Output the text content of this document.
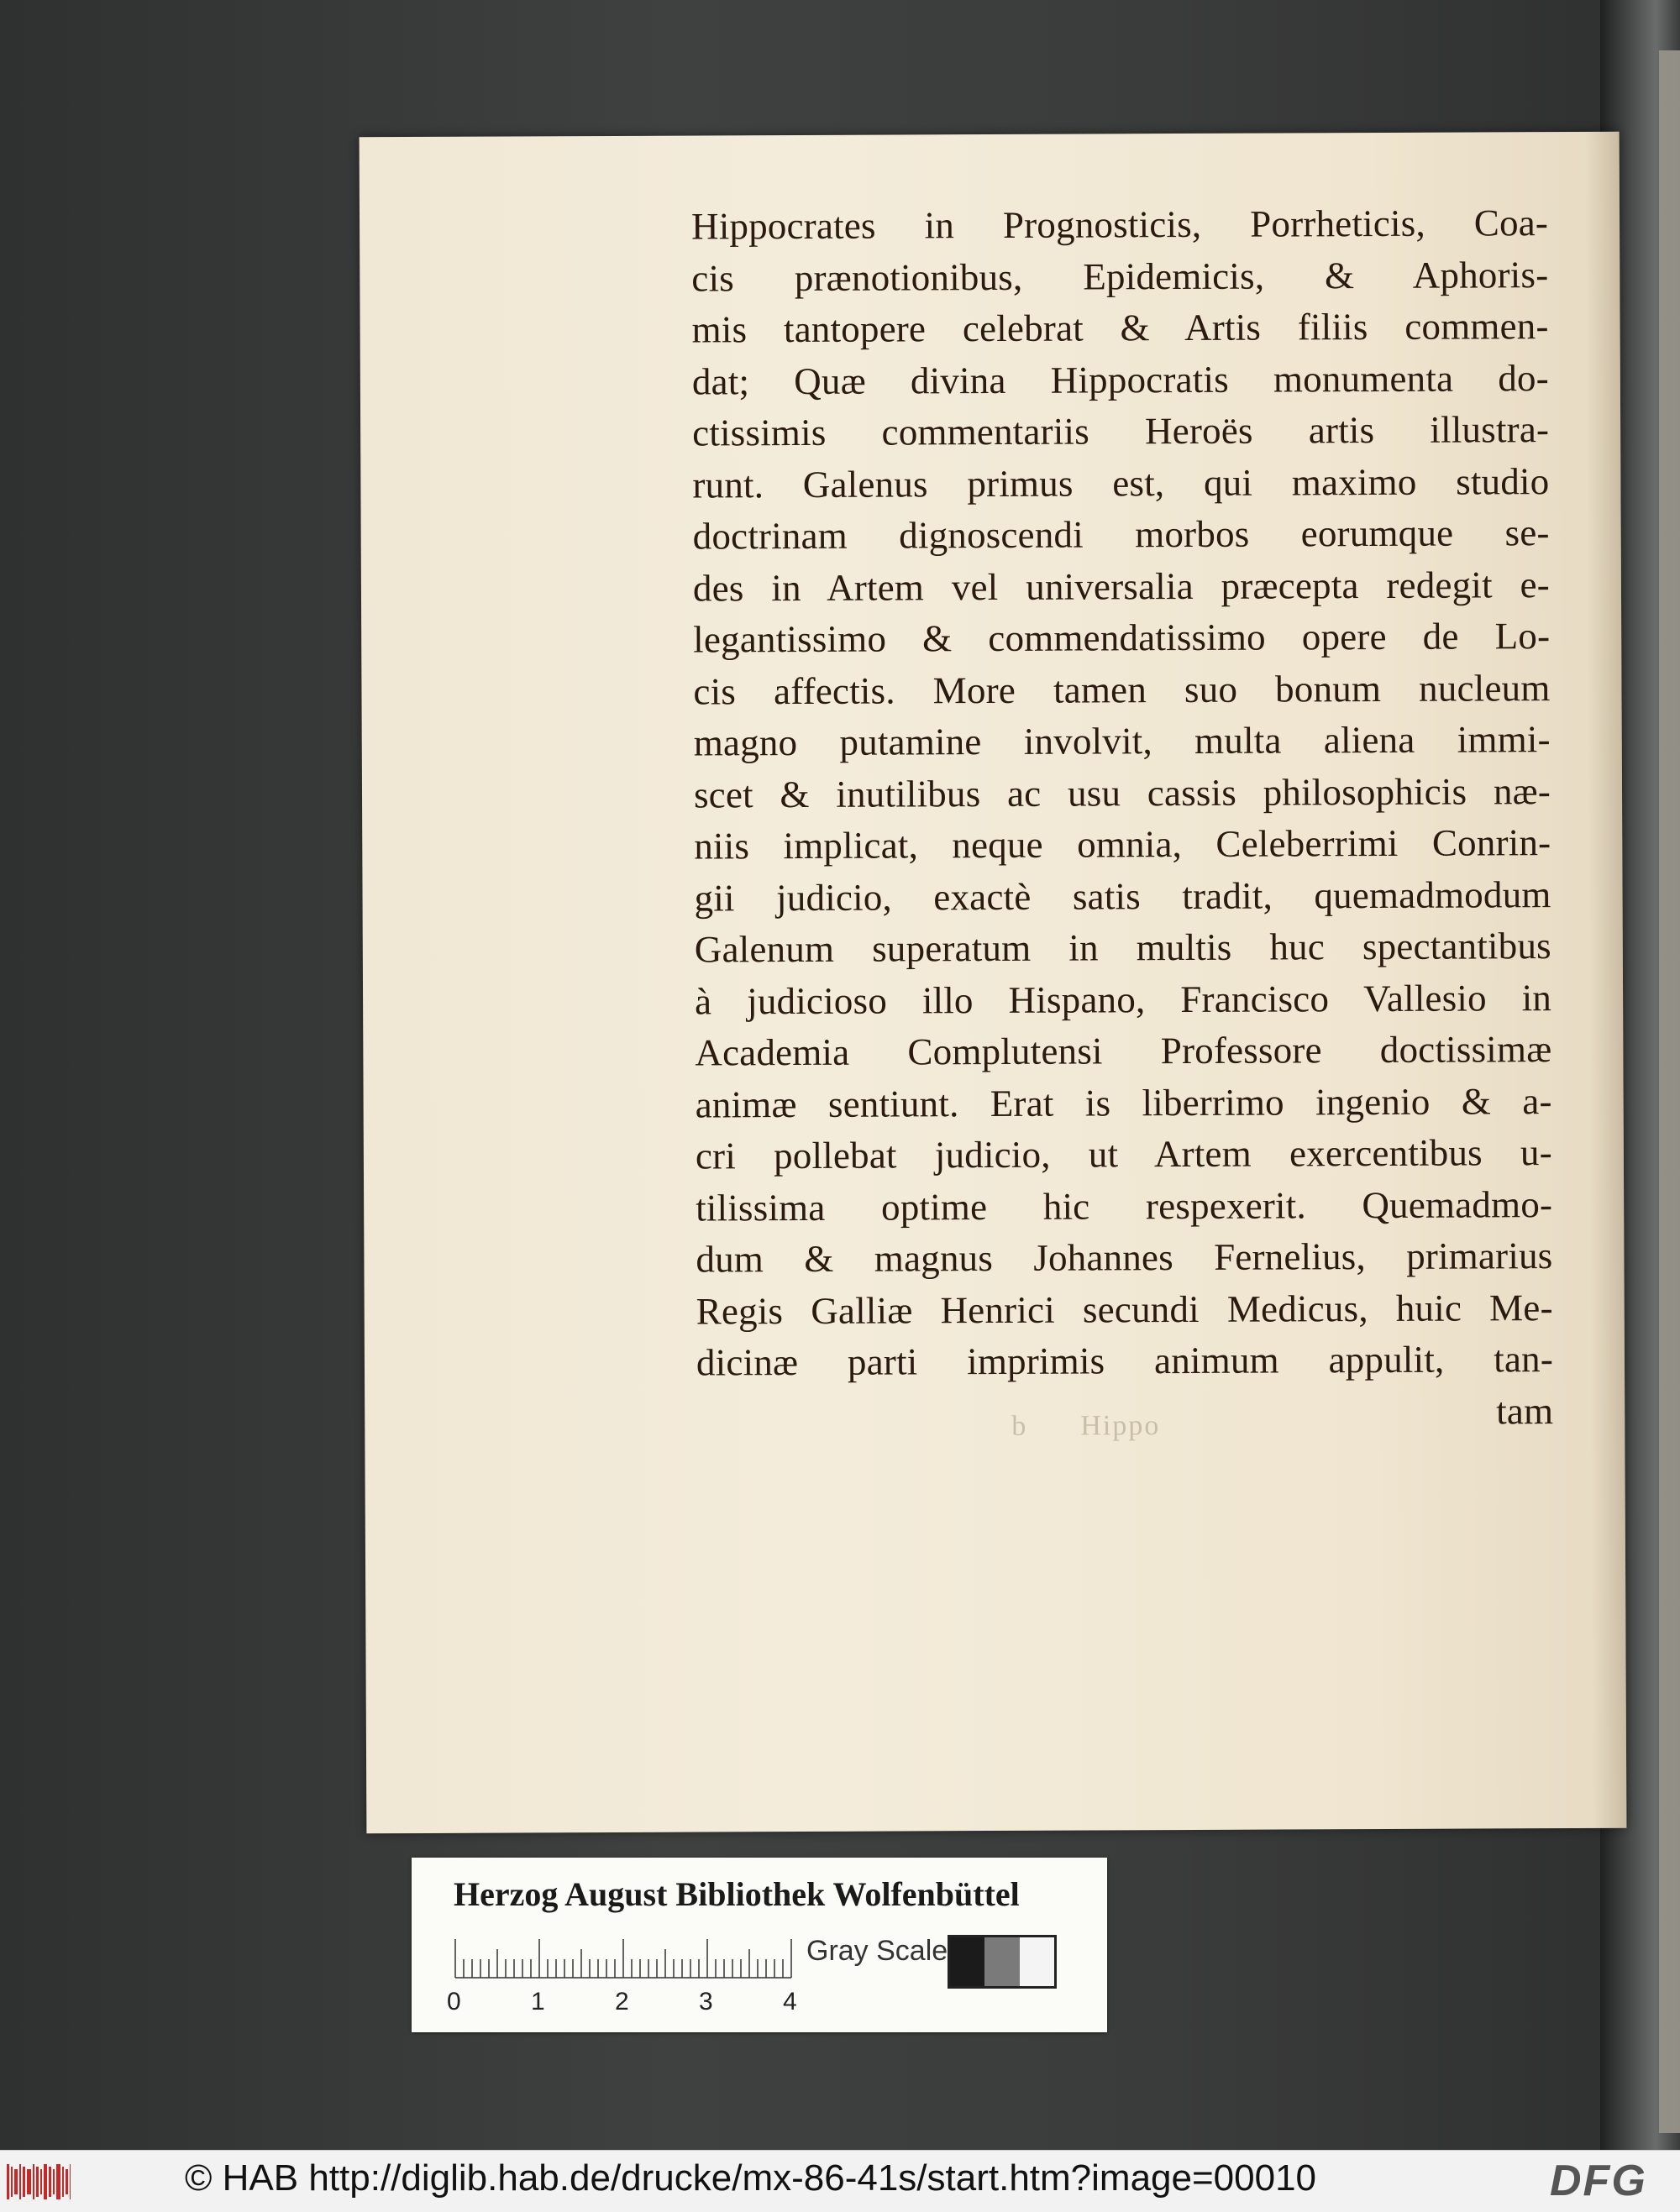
Hippocrates in Prognosticis, Porrheticis, Coa-
cis prænotionibus, Epidemicis, & Aphoris-
mis tantopere celebrat & Artis filiis commen-
dat; Quæ divina Hippocratis monumenta do-
ctissimis commentariis Heroës artis illustra-
runt. Galenus primus est, qui maximo studio
doctrinam dignoscendi morbos eorumque se-
des in Artem vel universalia præcepta redegit e-
legantissimo & commendatissimo opere de Lo-
cis affectis. More tamen suo bonum nucleum
magno putamine involvit, multa aliena immi-
scet & inutilibus ac usu cassis philosophicis næ-
niis implicat, neque omnia, Celeberrimi Conrin-
gii judicio, exactè satis tradit, quemadmodum
Galenum superatum in multis huc spectantibus
à judicioso illo Hispano, Francisco Vallesio in
Academia Complutensi Professore doctissimæ
animæ sentiunt. Erat is liberrimo ingenio & a-
cri pollebat judicio, ut Artem exercentibus u-
tilissima optime hic respexerit. Quemadmo-
dum & magnus Johannes Fernelius, primarius
Regis Galliæ Henrici secundi Medicus, huic Me-
dicinæ parti imprimis animum appulit, tan-
tam
b      Hippo
Herzog August Bibliothek Wolfenbüttel
0	1	2	3	4
Gray Scale
© HAB http://diglib.hab.de/drucke/mx-86-41s/start.htm?image=00010	DFG
